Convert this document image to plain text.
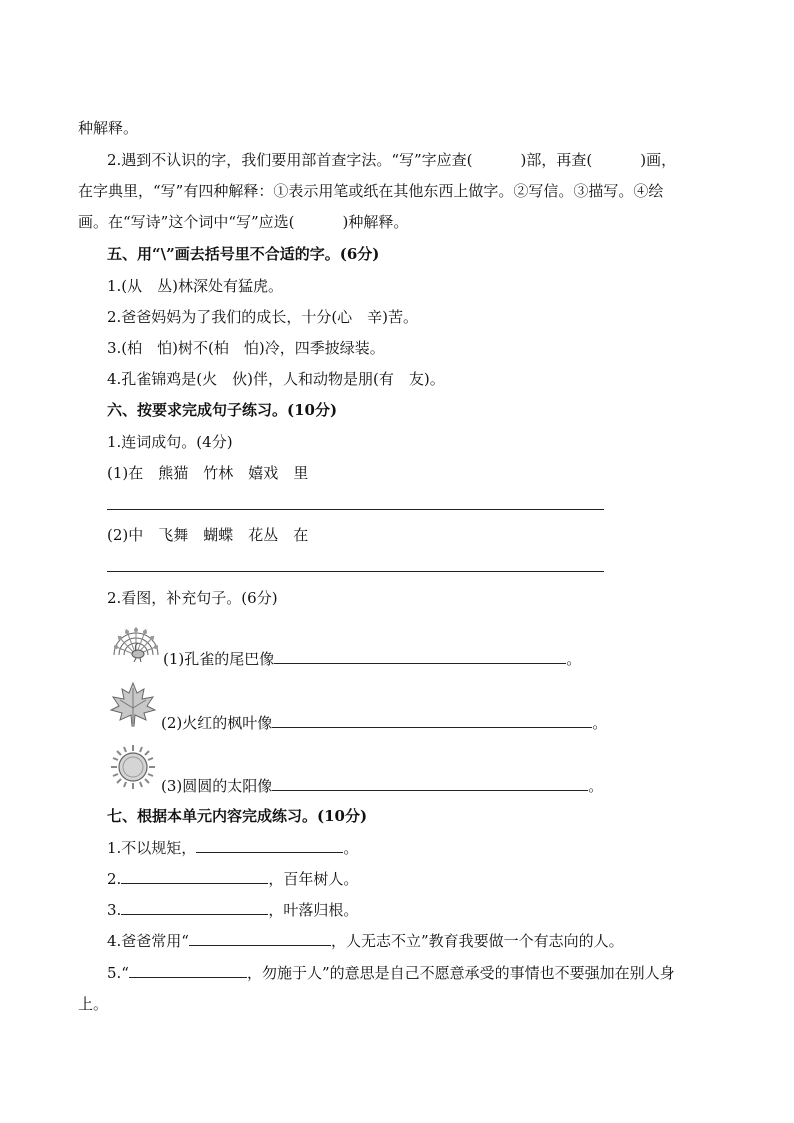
种解释。
2.遇到不认识的字，我们要用部首查字法。“写”字应查(	)部，再查(	)画，
在字典里，“写”有四种解释：①表示用笔或纸在其他东西上做字。②写信。③描写。④绘
画。在“写诗”这个词中“写”应选(	)种解释。
五、用“\”画去括号里不合适的字。(6分)
1.(从　丛)林深处有猛虎。
2.爸爸妈妈为了我们的成长，十分(心　辛)苦。
3.(柏　怕)树不(柏　怕)冷，四季披绿装。
4.孔雀锦鸡是(火　伙)伴，人和动物是朋(有　友)。
六、按要求完成句子练习。(10分)
1.连词成句。(4分)
(1)在　熊猫　竹林　嬉戏　里
(2)中　飞舞　蝴蝶　花丛　在
2.看图，补充句子。(6分)
(1)孔雀的尾巴像	。
(2)火红的枫叶像	。
(3)圆圆的太阳像	。
七、根据本单元内容完成练习。(10分)
1.不以规矩，	。
2.	，百年树人。
3.	，叶落归根。
4.爸爸常用“	，人无志不立”教育我要做一个有志向的人。
5.“	，勿施于人”的意思是自己不愿意承受的事情也不要强加在别人身
上。
